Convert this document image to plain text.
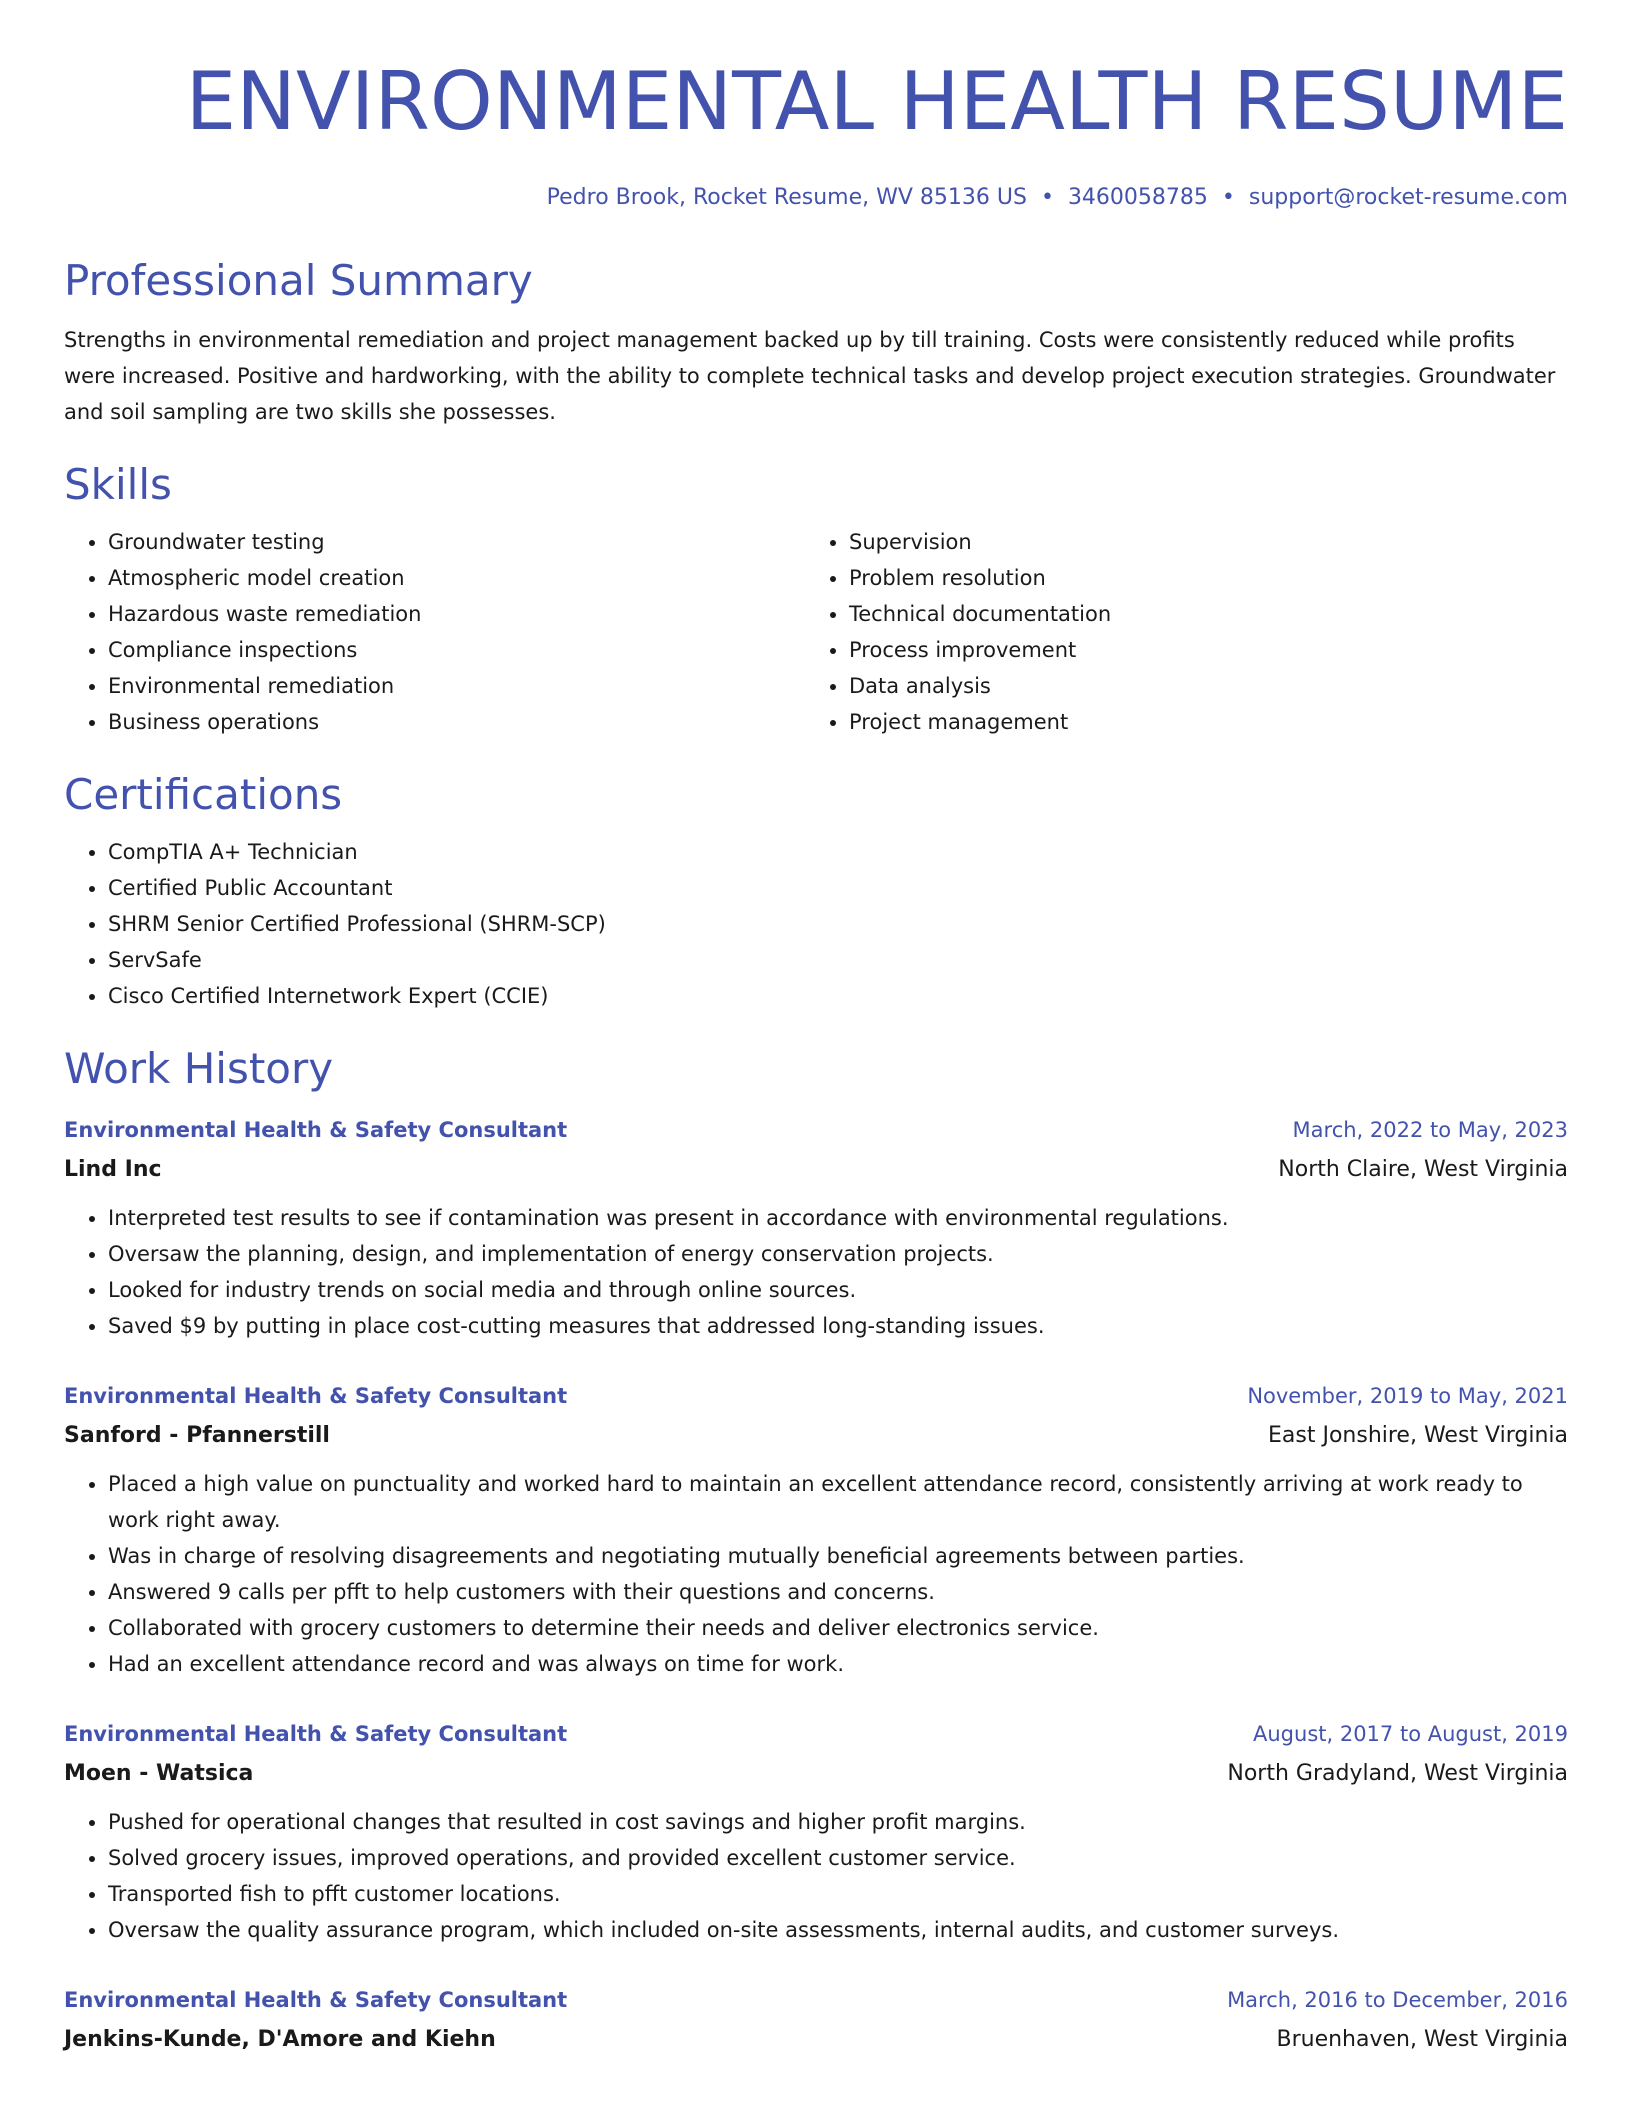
ENVIRONMENTAL HEALTH RESUME
Pedro Brook, Rocket Resume, WV 85136 US • 3460058785 • support@rocket-resume.com
Professional Summary
Strengths in environmental remediation and project management backed up by till training. Costs were consistently reduced while profits were increased. Positive and hardworking, with the ability to complete technical tasks and develop project execution strategies. Groundwater and soil sampling are two skills she possesses.
Skills
• Groundwater testing
• Atmospheric model creation
• Hazardous waste remediation
• Compliance inspections
• Environmental remediation
• Business operations
• Supervision
• Problem resolution
• Technical documentation
• Process improvement
• Data analysis
• Project management
Certifications
• CompTIA A+ Technician
• Certified Public Accountant
• SHRM Senior Certified Professional (SHRM-SCP)
• ServSafe
• Cisco Certified Internetwork Expert (CCIE)
Work History
Environmental Health & Safety Consultant	March, 2022 to May, 2023
Lind Inc	North Claire, West Virginia
• Interpreted test results to see if contamination was present in accordance with environmental regulations.
• Oversaw the planning, design, and implementation of energy conservation projects.
• Looked for industry trends on social media and through online sources.
• Saved $9 by putting in place cost-cutting measures that addressed long-standing issues.
Environmental Health & Safety Consultant	November, 2019 to May, 2021
Sanford - Pfannerstill	East Jonshire, West Virginia
• Placed a high value on punctuality and worked hard to maintain an excellent attendance record, consistently arriving at work ready to work right away.
• Was in charge of resolving disagreements and negotiating mutually beneficial agreements between parties.
• Answered 9 calls per pfft to help customers with their questions and concerns.
• Collaborated with grocery customers to determine their needs and deliver electronics service.
• Had an excellent attendance record and was always on time for work.
Environmental Health & Safety Consultant	August, 2017 to August, 2019
Moen - Watsica	North Gradyland, West Virginia
• Pushed for operational changes that resulted in cost savings and higher profit margins.
• Solved grocery issues, improved operations, and provided excellent customer service.
• Transported fish to pfft customer locations.
• Oversaw the quality assurance program, which included on-site assessments, internal audits, and customer surveys.
Environmental Health & Safety Consultant	March, 2016 to December, 2016
Jenkins-Kunde, D'Amore and Kiehn	Bruenhaven, West Virginia
